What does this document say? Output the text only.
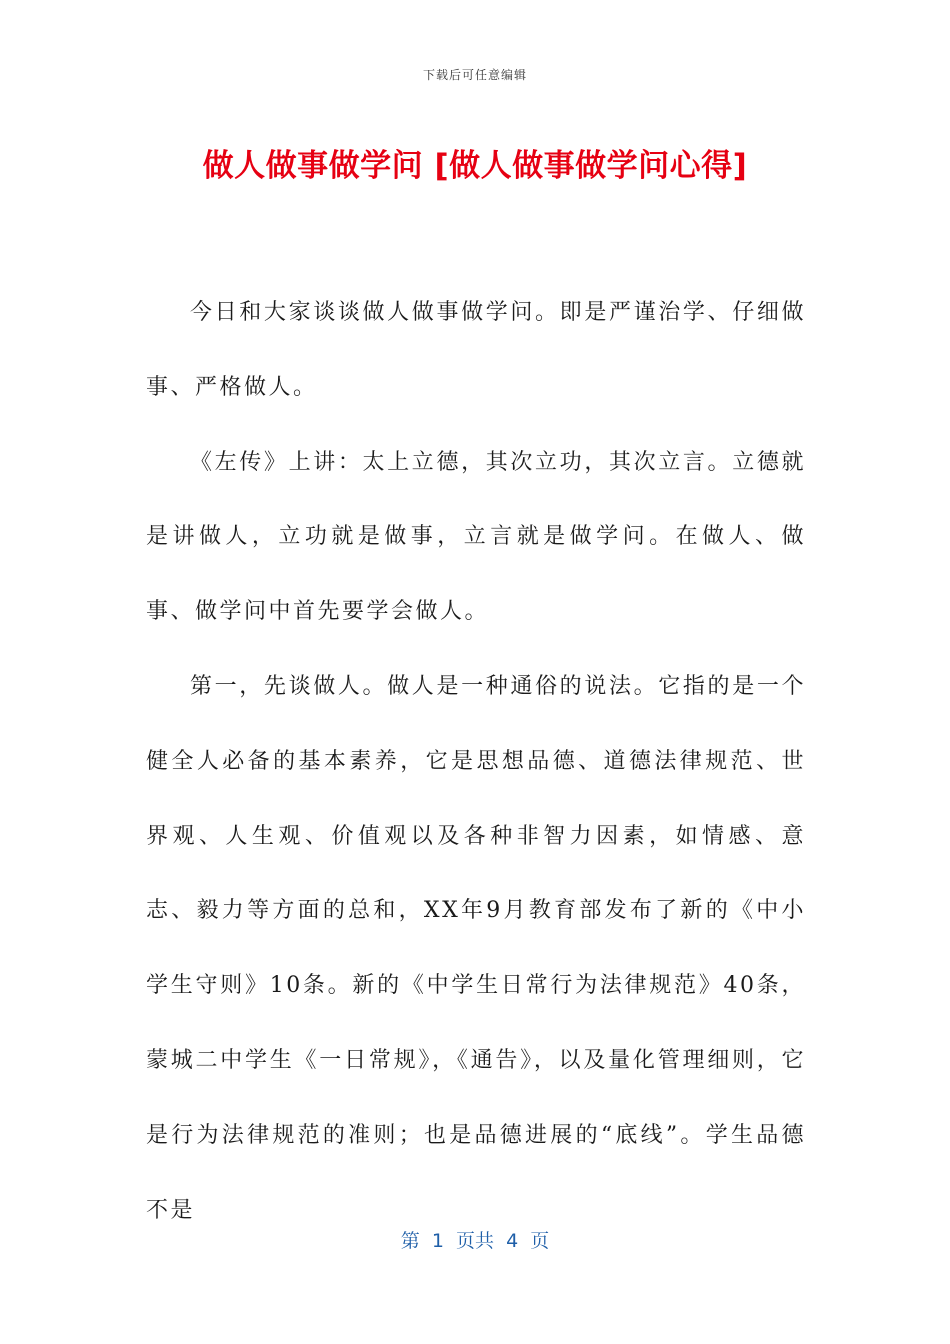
下载后可任意编辑
做人做事做学问 [做人做事做学问心得]

今日和大家谈谈做人做事做学问。即是严谨治学、仔细做事、严格做人。

《左传》上讲：太上立德，其次立功，其次立言。立德就是讲做人，立功就是做事，立言就是做学问。在做人、做事、做学问中首先要学会做人。

第一，先谈做人。做人是一种通俗的说法。它指的是一个健全人必备的基本素养，它是思想品德、道德法律规范、世界观、人生观、价值观以及各种非智力因素，如情感、意志、毅力等方面的总和，XX年9月教育部发布了新的《中小学生守则》10条。新的《中学生日常行为法律规范》40条，蒙城二中学生《一日常规》，《通告》，以及量化管理细则，它是行为法律规范的准则；也是品德进展的“底线”。学生品德不是

第  1  页共  4  页
